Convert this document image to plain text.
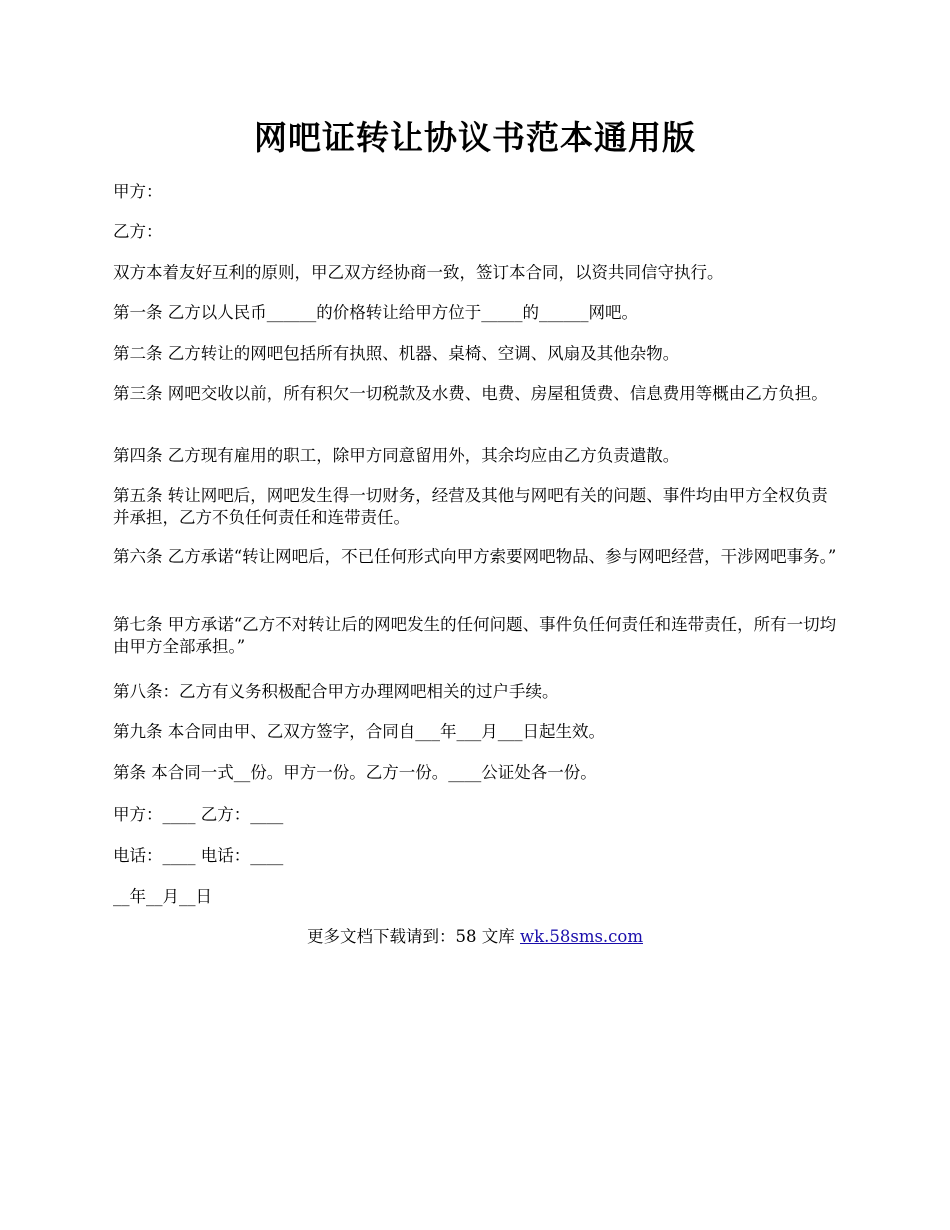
网吧证转让协议书范本通用版
甲方：
乙方：
双方本着友好互利的原则，甲乙双方经协商一致，签订本合同，以资共同信守执行。
第一条 乙方以人民币______的价格转让给甲方位于_____的______网吧。
第二条 乙方转让的网吧包括所有执照、机器、桌椅、空调、风扇及其他杂物。
第三条 网吧交收以前，所有积欠一切税款及水费、电费、房屋租赁费、信息费用等概由乙方负担。
第四条 乙方现有雇用的职工，除甲方同意留用外，其余均应由乙方负责遣散。
第五条 转让网吧后，网吧发生得一切财务，经营及其他与网吧有关的问题、事件均由甲方全权负责并承担，乙方不负任何责任和连带责任。
第六条 乙方承诺“转让网吧后，不已任何形式向甲方索要网吧物品、参与网吧经营，干涉网吧事务。”
第七条 甲方承诺“乙方不对转让后的网吧发生的任何问题、事件负任何责任和连带责任，所有一切均由甲方全部承担。”
第八条：乙方有义务积极配合甲方办理网吧相关的过户手续。
第九条 本合同由甲、乙双方签字，合同自___年___月___日起生效。
第条 本合同一式__份。甲方一份。乙方一份。____公证处各一份。
甲方：____ 乙方：____
电话：____ 电话：____
__年__月__日
更多文档下载请到：58 文库 wk.58sms.com
